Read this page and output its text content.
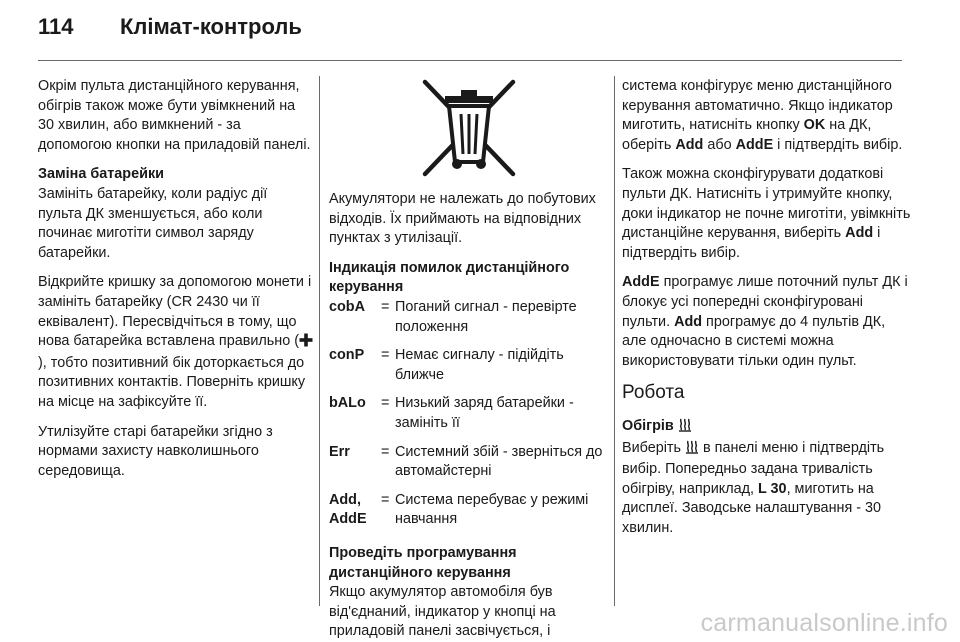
114	Клімат-контроль

Окрім пульта дистанційного керування, обігрів також може бути увімкнений на 30 хвилин, або вимкнений - за допомогою кнопки на приладовій панелі.

Заміна батарейки

Замініть батарейку, коли радіус дії пульта ДК зменшується, або коли починає миготіти символ заряду батарейки.

Відкрийте кришку за допомогою монети і замініть батарейку (CR 2430 чи її еквівалент). Пересвідчіться в тому, що нова батарейка вставлена правильно (), тобто позитивний бік доторкається до позитивних контактів. Поверніть кришку на місце на зафіксуйте її.

Утилізуйте старі батарейки згідно з нормами захисту навколишнього середовища.

Акумулятори не належать до побутових відходів. Їх приймають на відповідних пунктах з утилізації.

Індикація помилок дистанційного керування

cobA	= Поганий сигнал - перевірте положення
conP	= Немає сигналу - підійдіть ближче
bALo	= Низький заряд батарейки - замініть її
Err	= Системний збій - зверніться до автомайстерні
Add, AddE
= Система перебуває у режимі навчання

Проведіть програмування дистанційного керування

Якщо акумулятор автомобіля був від'єднаний, індикатор у кнопці на приладовій панелі засвічується, і

система конфігурує меню дистанційного керування автоматично. Якщо індикатор миготить, натисніть кнопку OK на ДК, оберіть Add або AddE і підтвердіть вибір.

Також можна сконфігурувати додаткові пульти ДК. Натисніть і утримуйте кнопку, доки індикатор не почне миготіти, увімкніть дистанційне керування, виберіть Add і підтвердіть вибір.

AddE програмує лише поточний пульт ДК і блокує усі попередні сконфігуровані пульти. Add програмує до 4 пультів ДК, але одночасно в системі можна використовувати тільки один пульт.

Робота

Обігрів

Виберіть  в панелі меню і підтвердіть вибір. Попередньо задана тривалість обігріву, наприклад, L 30, миготить на дисплеї. Заводське налаштування - 30 хвилин.

carmanualsonline.info
